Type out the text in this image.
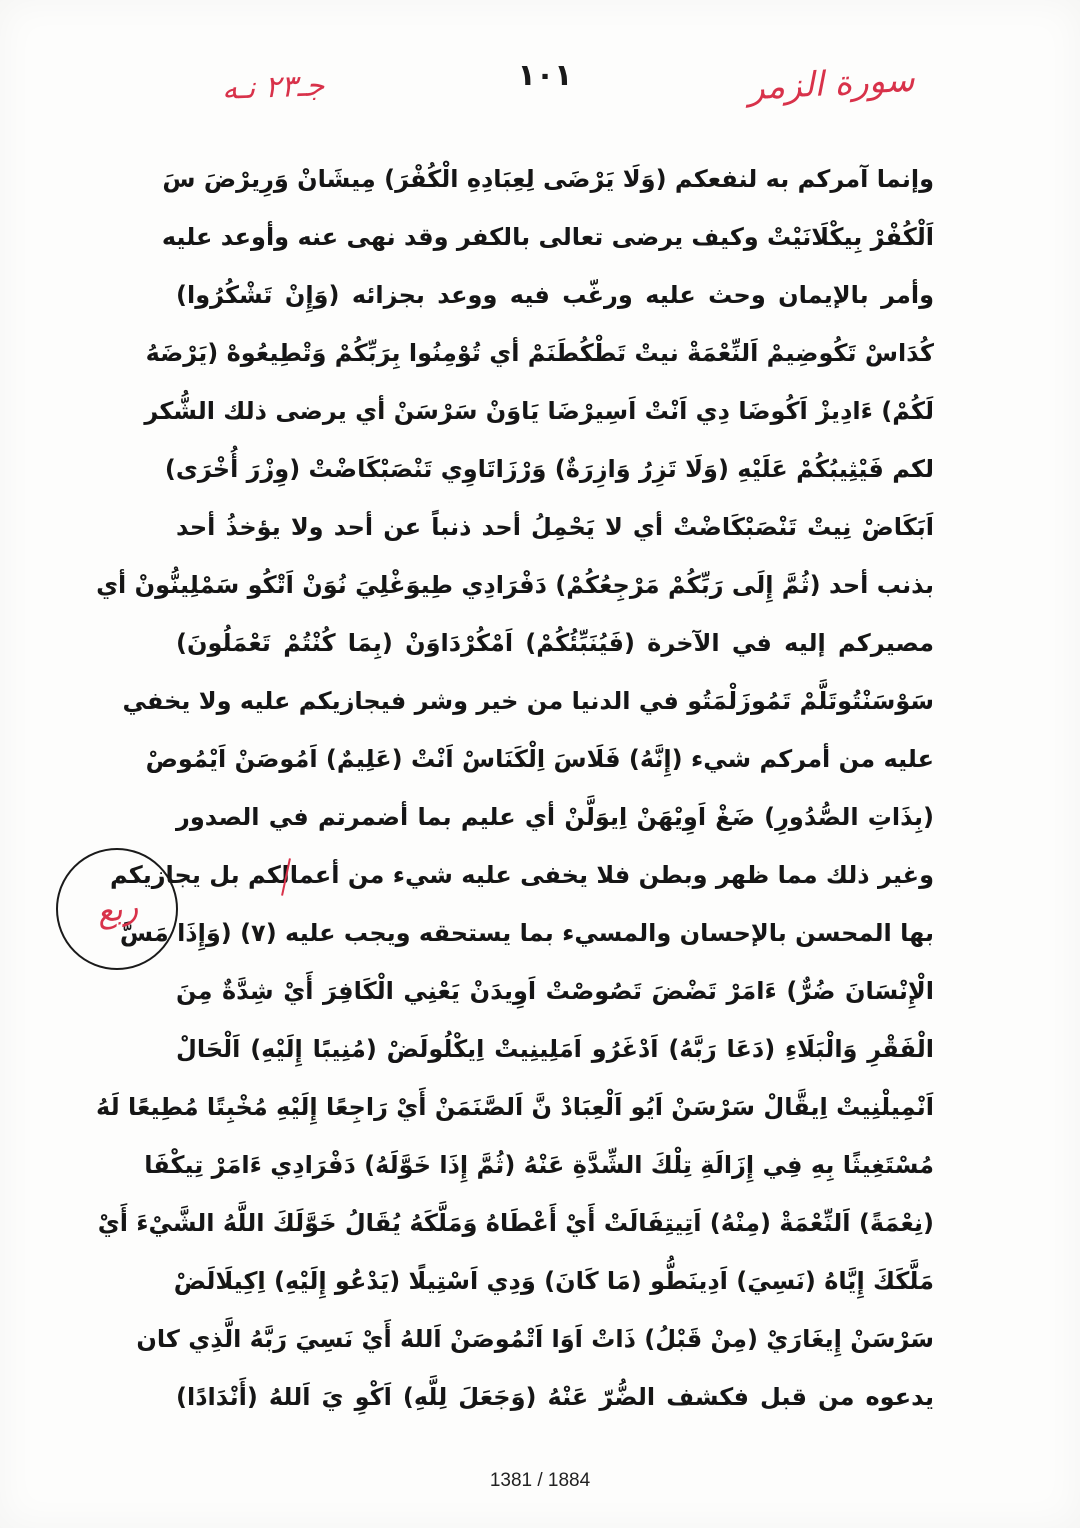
سورة الزمر
١٠١
جـ٢٣ نـه
وإنما آمركم به لنفعكم (وَلَا يَرْضَى لِعِبَادِهِ الْكُفْرَ) مِيشَانْ وَرِيرْضَ سَ
اَلْكُفْرْ بِيكْلَانَيْتْ وكيف يرضى تعالى بالكفر وقد نهى عنه وأوعد عليه
وأمر بالإيمان وحث عليه ورغّب فيه ووعد بجزائه (وَإِنْ تَشْكُرُوا)
كُدَاسْ تَكُوضِيمْ اَلنِّعْمَةْ نيتْ تَطْكُطَنَمْ أي تُوْمِنُوا بِرَبِّكُمْ وَتْطِيعُوهْ (يَرْضَهُ
لَكُمْ) ءَادِيزْ اَكُوضَا دِي اَنْتْ اَسِيرْضَا يَاوَنْ سَرْسَنْ أي يرضى ذلك الشُّكر
لكم فَيْثِيبُكُمْ عَلَيْهِ (وَلَا تَزِرُ وَازِرَةٌ) وَرْزَاتَاوِي تَنْصَبْكَاضْتْ (وِزْرَ أُخْرَى)
اَبَكَاضْ نِيتْ تَنْصَبْكَاضْتْ أي لا يَحْمِلُ أحد ذنباً عن أحد ولا يؤخذُ أحد
بذنب أحد (ثُمَّ إِلَى رَبِّكُمْ مَرْجِعُكُمْ) دَفْرَادِي طِيوَغْلِيَ نُوَنْ اَتْكُو سَمْلِينُّونْ أي
مصيركم إليه في الآخرة (فَيُنَبِّئُكُمْ) اَمْكُرْدَاوَنْ (بِمَا كُنْتُمْ تَعْمَلُونَ)
سَوْسَنْتُوتَلَّمْ تَمُوزَلْمَتُو في الدنيا من خير وشر فيجازيكم عليه ولا يخفي
عليه من أمركم شيء (إِنَّهُ) فَلَاسَ اِلْكَنَاسْ اَنْتْ (عَلِيمٌ) اَمُوصَنْ اَيْمُوصْ
(بِذَاتِ الصُّدُورِ) ضَغْ اَوِيْهَنْ اِيوَلَّنْ أي عليم بما أضمرتم في الصدور
وغير ذلك مما ظهر وبطن فلا يخفى عليه شيء من أعمالكم بل يجازيكم
بها المحسن بالإحسان والمسيء بما يستحقه ويجب عليه (٧) (وَإِذَا مَسَّ
الْإِنْسَانَ ضُرٌّ) ءَامَرْ تَضْضَ تَصُوصْتْ اَوِيدَنْ يَعْنِي الْكَافِرَ أَيْ شِدَّةٌ مِنَ
الْفَقْرِ وَالْبَلَاءِ (دَعَا رَبَّهُ) اَدْغَرُو اَمَلِينِيتْ اِيكْلُولَضْ (مُنِيبًا إِلَيْهِ) اَلْحَالْ
اَنْمِيلْنِيتْ اِيقَّالْ سَرْسَنْ اَيُو اَلْعِبَادْ نَّ اَلصَّنَمَنْ أَيْ رَاجِعًا إِلَيْهِ مُخْبِتًا مُطِيعًا لَهُ
مُسْتَغِيثًا بِهِ فِي إِزَالَةِ تِلْكَ الشِّدَّةِ عَنْهُ (ثُمَّ إِذَا خَوَّلَهُ) دَفْرَادِي ءَامَرْ تِيكْفَا
(نِعْمَةً) اَلنِّعْمَةْ (مِنْهُ) اَتِيتِفَالَتْ أَيْ أَعْطَاهُ وَمَلَّكَهُ يُقَالُ خَوَّلَكَ اللَّهُ الشَّيْءَ أَيْ
مَلَّكَكَ إِيَّاهُ (نَسِيَ) اَدِينَطُّو (مَا كَانَ) وَدِي اَسْتِيلًا (يَدْعُو إِلَيْهِ) اِكِيلَالَضْ
سَرْسَنْ إِيغَارَيْ (مِنْ قَبْلُ) ذَاتْ اَوَا اَتْمُوصَنْ اَللهُ أَيْ نَسِيَ رَبَّهُ الَّذِي كان
يدعوه من قبل فكشف الضُّرّ عَنْهُ (وَجَعَلَ لِلَّهِ) اَكْوِ يَ اَللهُ (أَنْدَادًا)
ربع
1381 / 1884
